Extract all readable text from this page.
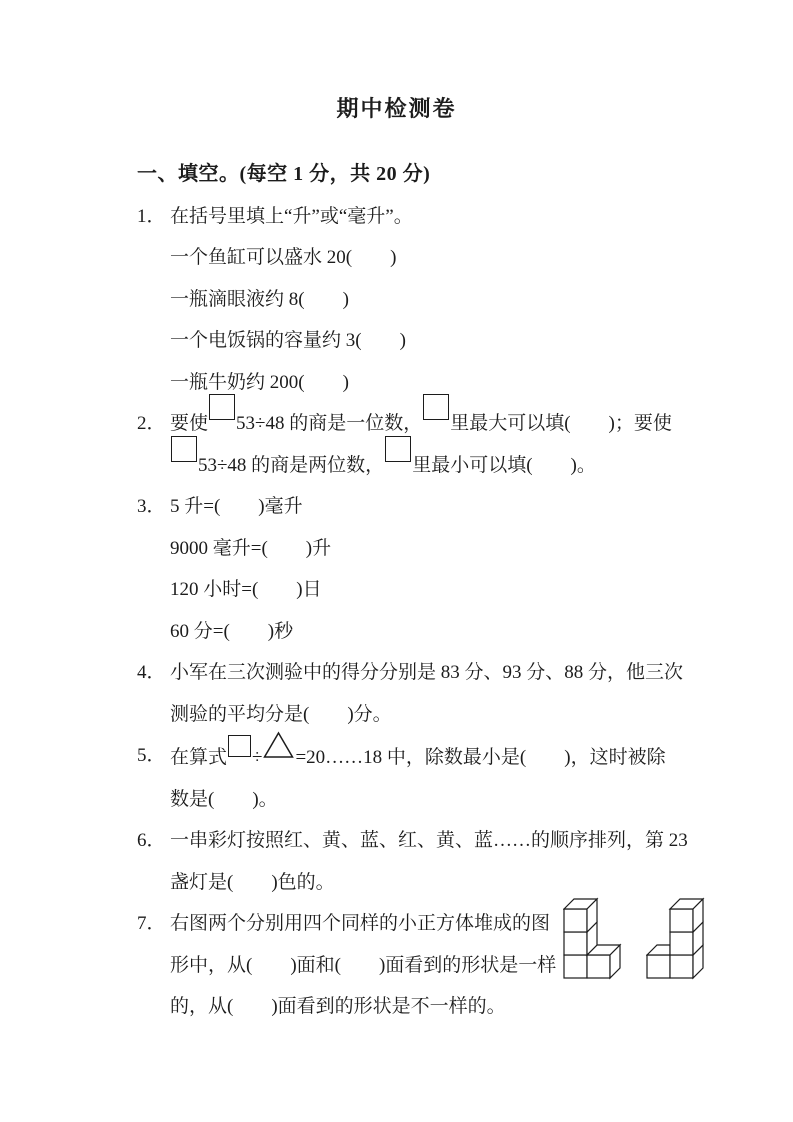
期中检测卷
一、填空。(每空 1 分，共 20 分)
1． 在括号里填上“升”或“毫升”。
一个鱼缸可以盛水 20(　　)
一瓶滴眼液约 8(　　)
一个电饭锅的容量约 3(　　)
一瓶牛奶约 200(　　)
2． 要使 53÷48 的商是一位数， 里最大可以填(　　)；要使
53÷48 的商是两位数， 里最小可以填(　　)。
3． 5 升=(　　)毫升
9000 毫升=(　　)升
120 小时=(　　)日
60 分=(　　)秒
4． 小军在三次测验中的得分分别是 83 分、93 分、88 分，他三次
测验的平均分是(　　)分。
5． 在算式 ÷ =20……18 中，除数最小是(　　)，这时被除
数是(　　)。
6． 一串彩灯按照红、黄、蓝、红、黄、蓝……的顺序排列，第 23
盏灯是(　　)色的。
7． 右图两个分别用四个同样的小正方体堆成的图
形中，从(　　)面和(　　)面看到的形状是一样
的，从(　　)面看到的形状是不一样的。
